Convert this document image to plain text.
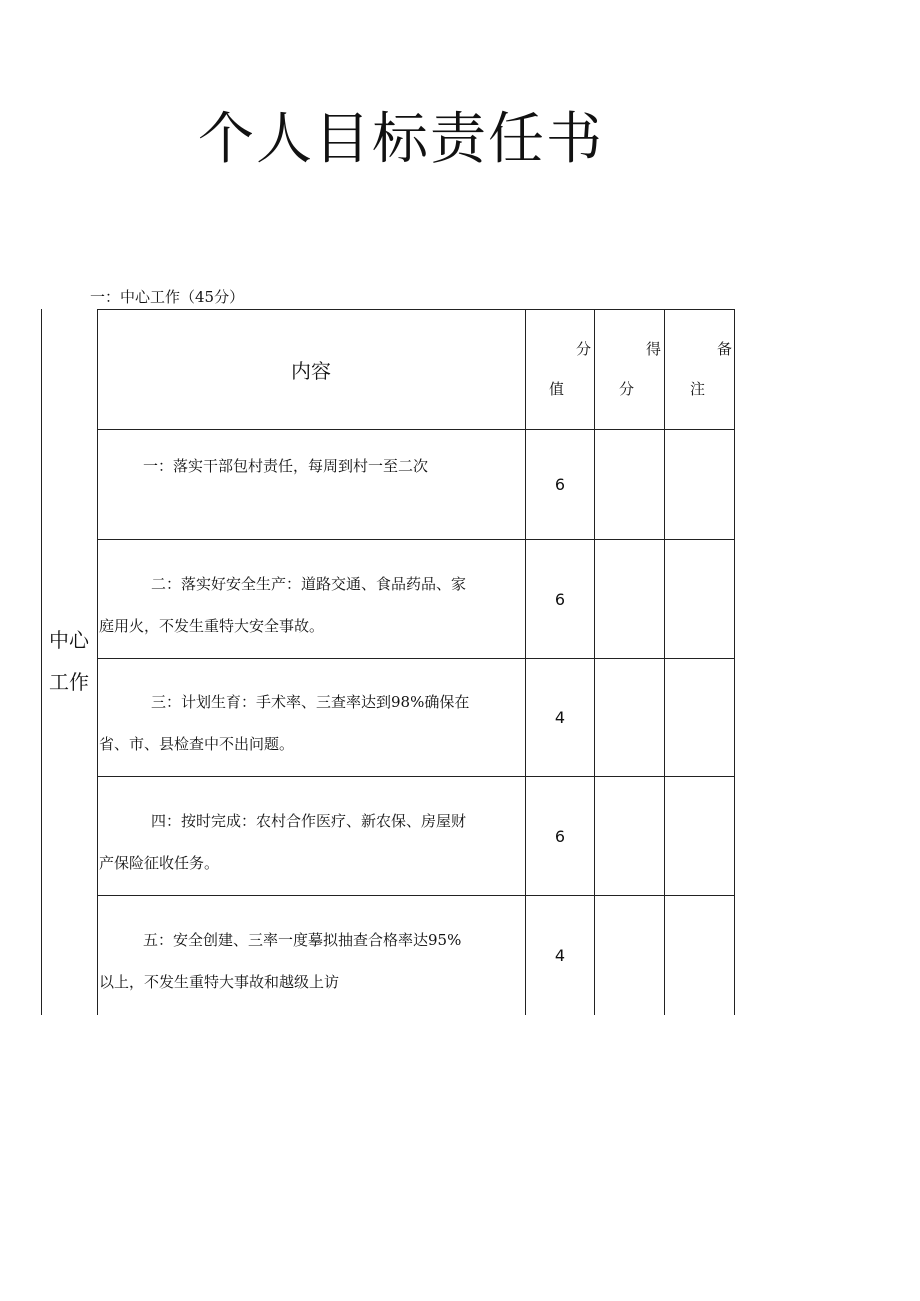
个人目标责任书
一：中心工作（45分）
中心
工作
内容
分
值
得
分
备
注
一：落实干部包村责任，每周到村一至二次
6
二：落实好安全生产：道路交通、食品药品、家
庭用火，不发生重特大安全事故。
6
三：计划生育：手术率、三查率达到98%确保在
省、市、县检查中不出问题。
4
四：按时完成：农村合作医疗、新农保、房屋财
产保险征收任务。
6
五：安全创建、三率一度摹拟抽查合格率达95%
以上，不发生重特大事故和越级上访
4
